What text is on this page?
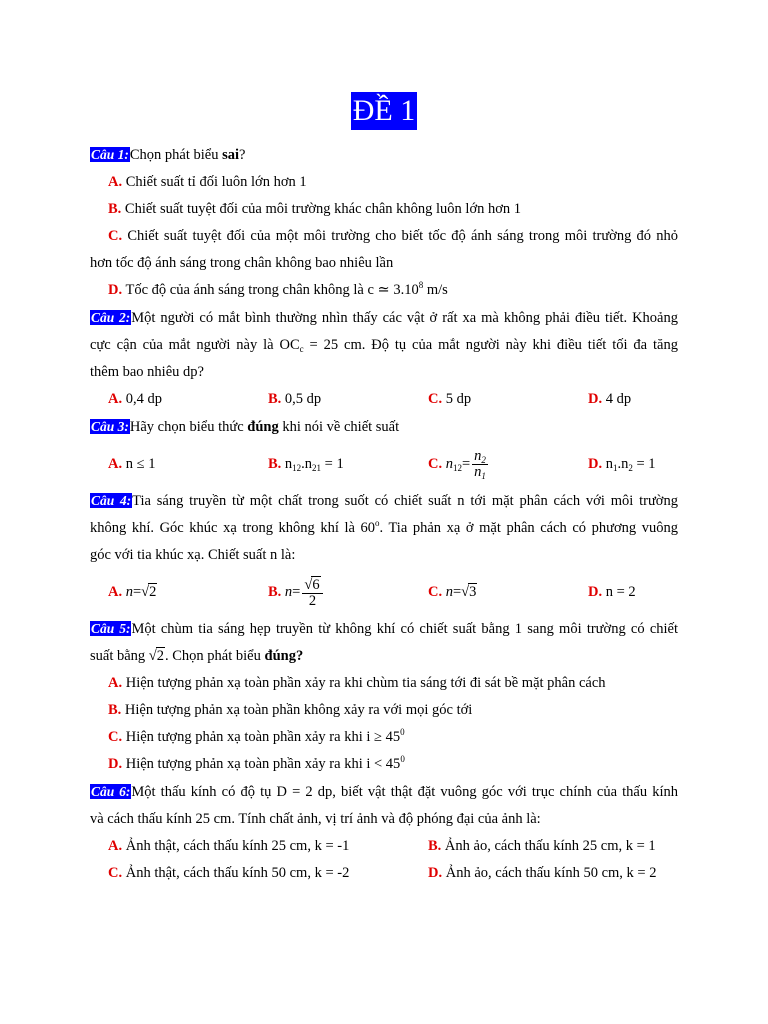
ĐỀ 1
Câu 1:Chọn phát biểu sai?
A. Chiết suất tỉ đối luôn lớn hơn 1
B. Chiết suất tuyệt đối của môi trường khác chân không luôn lớn hơn 1
C. Chiết suất tuyệt đối của một môi trường cho biết tốc độ ánh sáng trong môi trường đó nhỏ
hơn tốc độ ánh sáng trong chân không bao nhiêu lần
D. Tốc độ của ánh sáng trong chân không là c ≃ 3.10$^8$ m/s
Câu 2:Một người có mắt bình thường nhìn thấy các vật ở rất xa mà không phải điều tiết. Khoảng
cực cận của mắt người này là $OC_c = 25$ cm. Độ tụ của mắt người này khi điều tiết tối đa tăng
thêm bao nhiêu dp?
A. 0,4 dp	B. 0,5 dp	C. 5 dp	D. 4 dp
Câu 3:Hãy chọn biểu thức đúng khi nói về chiết suất
A. n ≤ 1	B. $n_{12}.n_{21} = 1$	C. $n_{12}= \frac{n_2}{n_1}$	D. $n_1.n_2 = 1$
Câu 4:Tia sáng truyền từ một chất trong suốt có chiết suất n tới mặt phân cách với môi trường
không khí. Góc khúc xạ trong không khí là 60$^o$. Tia phản xạ ở mặt phân cách có phương vuông
góc với tia khúc xạ. Chiết suất n là:
A. n=√2	B. $n= \frac{√6}{2}$	C. n=√3	D. n = 2
Câu 5:Một chùm tia sáng hẹp truyền từ không khí có chiết suất bằng 1 sang môi trường có chiết
suất bằng √2. Chọn phát biểu đúng?
A. Hiện tượng phản xạ toàn phần xảy ra khi chùm tia sáng tới đi sát bề mặt phân cách
B. Hiện tượng phản xạ toàn phần không xảy ra với mọi góc tới
C. Hiện tượng phản xạ toàn phần xảy ra khi $i \ge 45^0$
D. Hiện tượng phản xạ toàn phần xảy ra khi $i < 45^0$
Câu 6:Một thấu kính có độ tụ D = 2 dp, biết vật thật đặt vuông góc với trục chính của thấu kính
và cách thấu kính 25 cm. Tính chất ảnh, vị trí ảnh và độ phóng đại của ảnh là:
A. Ảnh thật, cách thấu kính 25 cm, k = -1	B. Ảnh ảo, cách thấu kính 25 cm, k = 1
C. Ảnh thật, cách thấu kính 50 cm, k = -2	D. Ảnh ảo, cách thấu kính 50 cm, k = 2
